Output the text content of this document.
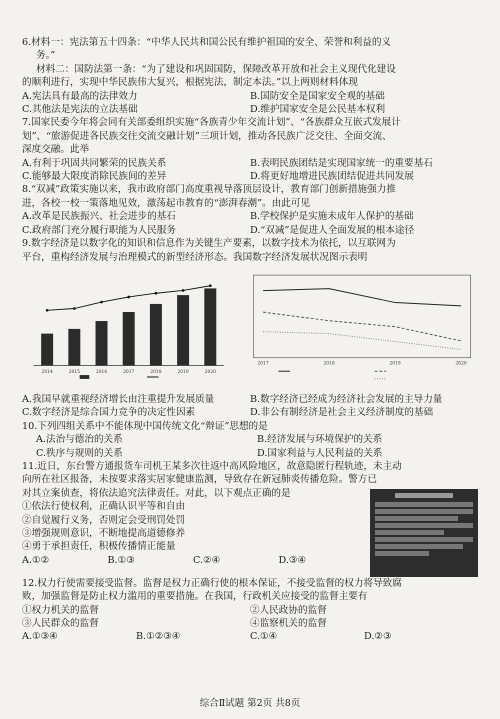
6.材料一：宪法第五十四条：“中华人民共和国公民有维护祖国的安全、荣誉和利益的义
务。”
材料二：国防法第一条：“为了建设和巩固国防，保障改革开放和社会主义现代化建设
的顺利进行，实现中华民族伟大复兴，根据宪法，制定本法。”以上两则材料体现
A.宪法具有最高的法律效力	B.国防安全是国家安全观的基础
C.其他法是宪法的立法基础	D.维护国家安全是公民基本权利
7.国家民委今年将会同有关部委组织实施“各族青少年交流计划”、“各族群众互嵌式发展计
划”、“旅游促进各民族交往交流交融计划”三项计划，推动各民族广泛交往、全面交流、
深度交融。此举
A.有利于巩固共同繁荣的民族关系	B.表明民族团结是实现国家统一的重要基石
C.能够最大限度消除民族间的差异	D.将更好地增进民族团结促进共同发展
8.“双减”政策实施以来，我市政府部门高度重视导落顶层设计，教育部门创新措施强力推
进，各校一校一策落地见效，激荡起市教育的“澎湃春潮”。由此可见
A.改革是民族振兴、社会进步的基石	B.学校保护是实施未成年人保护的基础
C.政府部门充分履行职能为人民服务	D.“双减”是促进人全面发展的根本途径
9.数字经济是以数字化的知识和信息作为关键生产要素，以数字技术为依托，以互联网为
平台，重构经济发展与治理模式的新型经济形态。我国数字经济发展状况图示表明
2014	2015	2016	2017	2018	2019	2020
2017	2018	2019	2020
A.我国早就重视经济增长由注重提升发展质量	B.数字经济已经成为经济社会发展的主导力量
C.数字经济是综合国力竞争的决定性因素	D.非公有制经济是社会主义经济制度的基础
10.下列四组关系中不能体现中国传统文化“辩证”思想的是
A.法治与德治的关系	B.经济发展与环境保护的关系
C.秩序与规则的关系	D.国家利益与人民利益的关系
11.近日，东台警方通报货车司机王某多次往返中高风险地区，故意隐匿行程轨迹，未主动
向所在社区报备，未按要求落实居家健康监测，导致存在新冠肺炎传播危险。警方已
对其立案侦查，将依法追究法律责任。对此，以下观点正确的是
①依法行使权利，正确认识平等和自由
②自觉履行义务，否则定会受刑罚处罚
③增强规则意识，不断地提高道德修养
④勇于承担责任，积极传播情正能量
A.①②	B.①③	C.②④	D.③④
12.权力行使需要接受监督。监督是权力正确行使的根本保证，不接受监督的权力将导致腐
败，加强监督是防止权力滥用的重要措施。在我国，行政机关应接受的监督主要有
①权力机关的监督	②人民政协的监督
③人民群众的监督	④监察机关的监督
A.①③④	B.①②③④	C.①④	D.②③
综合Ⅱ试题 第2页 共8页
